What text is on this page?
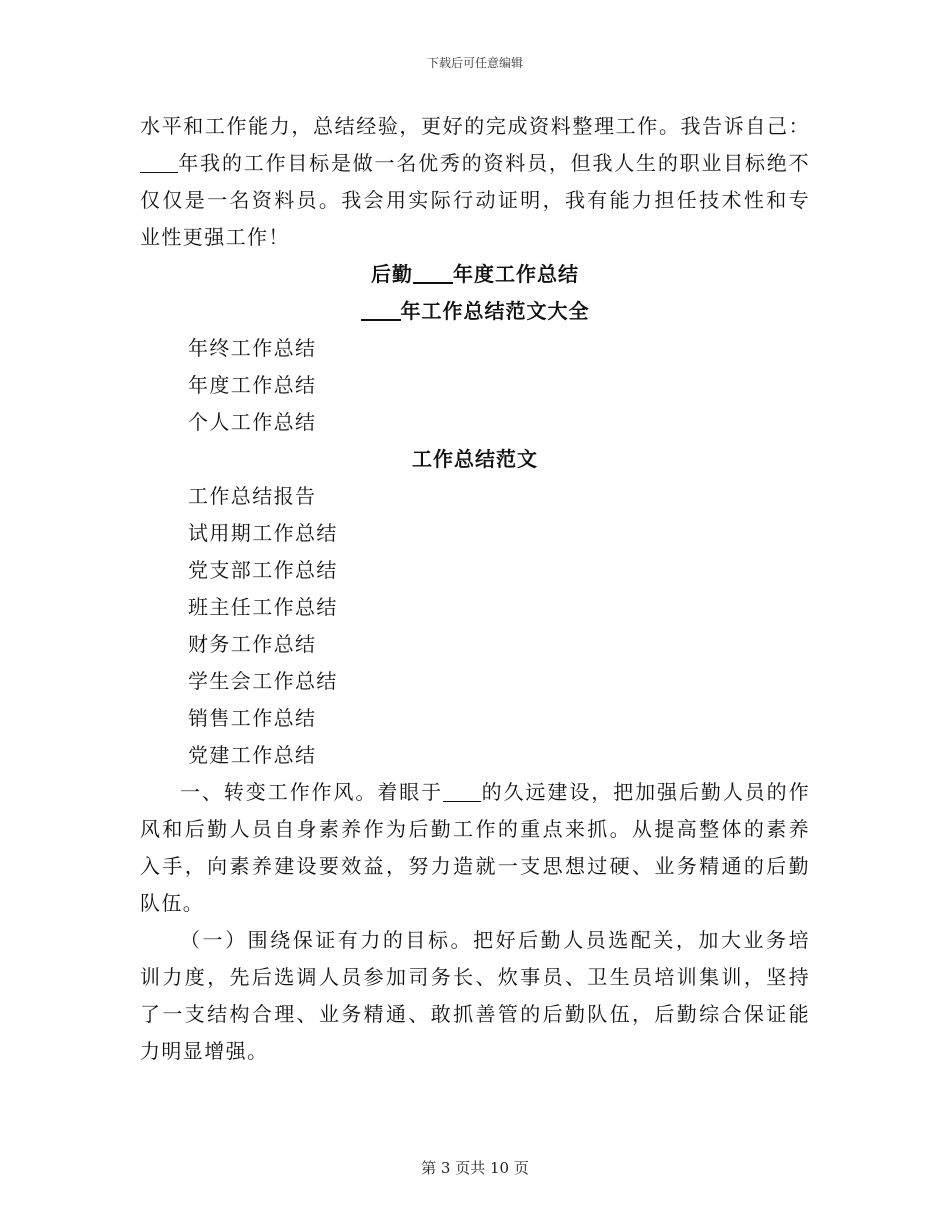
下载后可任意编辑
水平和工作能力，总结经验，更好的完成资料整理工作。我告诉自己：
年我的工作目标是做一名优秀的资料员，但我人生的职业目标绝不
仅仅是一名资料员。我会用实际行动证明，我有能力担任技术性和专
业性更强工作！
后勤 年度工作总结
年工作总结范文大全
年终工作总结
年度工作总结
个人工作总结
工作总结范文
工作总结报告
试用期工作总结
党支部工作总结
班主任工作总结
财务工作总结
学生会工作总结
销售工作总结
党建工作总结
一、转变工作作风。着眼于 的久远建设，把加强后勤人员的作
风和后勤人员自身素养作为后勤工作的重点来抓。从提高整体的素养
入手，向素养建设要效益，努力造就一支思想过硬、业务精通的后勤
队伍。
（一）围绕保证有力的目标。把好后勤人员选配关，加大业务培
训力度，先后选调人员参加司务长、炊事员、卫生员培训集训，坚持
了一支结构合理、业务精通、敢抓善管的后勤队伍，后勤综合保证能
力明显增强。
第 3 页共 10 页
